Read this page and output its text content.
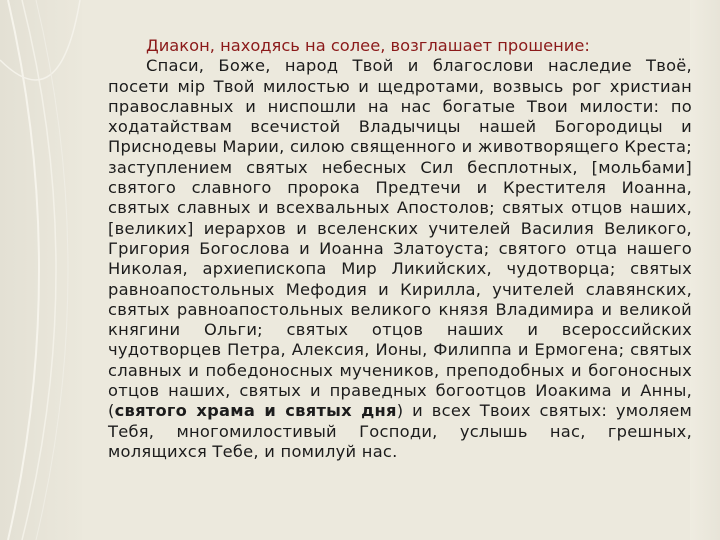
Диакон, находясь на солее, возглашает прошение:

Спаси, Боже, народ Твой и благослови наследие Твоё, посети мiр Твой милостью и щедротами, возвысь рог христиан православных и ниспошли на нас богатые Твои милости: по ходатайствам всечистой Владычицы нашей Богородицы и Приснодевы Марии, силою священного и животворящего Креста; заступлением святых небесных Сил бесплотных, [мольбами] святого славного пророка Предтечи и Крестителя Иоанна, святых славных и всехвальных Апостолов; святых отцов наших, [великих] иерархов и вселенских учителей Василия Великого, Григория Богослова и Иоанна Златоуста; святого отца нашего Николая, архиепископа Мир Ликийских, чудотворца; святых равноапостольных Мефодия и Кирилла, учителей славянских, святых равноапостольных великого князя Владимира и великой княгини Ольги; святых отцов наших и всероссийских чудотворцев Петра, Алексия, Ионы, Филиппа и Ермогена; святых славных и победоносных мучеников, преподобных и богоносных отцов наших, святых и праведных богоотцов Иоакима и Анны, (святого храма и святых дня) и всех Твоих святых: умоляем Тебя, многомилостивый Господи, услышь нас, грешных, молящихся Тебе, и помилуй нас.
